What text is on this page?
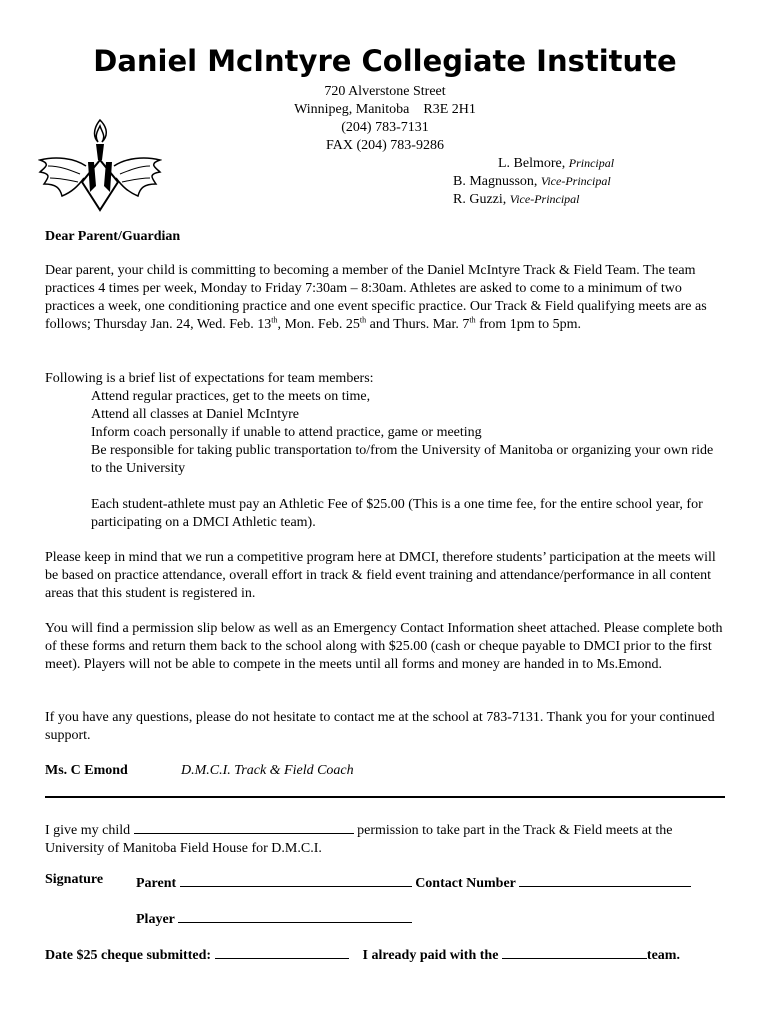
Daniel McIntyre Collegiate Institute
720 Alverstone Street
Winnipeg, Manitoba    R3E 2H1
(204) 783-7131
FAX (204) 783-9286
L. Belmore, Principal
B. Magnusson, Vice-Principal
R. Guzzi, Vice-Principal
Dear Parent/Guardian

Dear parent, your child is committing to becoming a member of the Daniel McIntyre Track & Field Team. The team practices 4 times per week, Monday to Friday 7:30am – 8:30am. Athletes are asked to come to a minimum of two practices a week, one conditioning practice and one event specific practice. Our Track & Field qualifying meets are as follows; Thursday Jan. 24, Wed. Feb. 13th, Mon. Feb. 25th and Thurs. Mar. 7th from 1pm to 5pm.

Following is a brief list of expectations for team members:
Attend regular practices, get to the meets on time,
Attend all classes at Daniel McIntyre
Inform coach personally if unable to attend practice, game or meeting
Be responsible for taking public transportation to/from the University of Manitoba or organizing your own ride to the University
Each student-athlete must pay an Athletic Fee of $25.00 (This is a one time fee, for the entire school year, for participating on a DMCI Athletic team).

Please keep in mind that we run a competitive program here at DMCI, therefore students’ participation at the meets will be based on practice attendance, overall effort in track & field event training and attendance/performance in all content areas that this student is registered in.

You will find a permission slip below as well as an Emergency Contact Information sheet attached. Please complete both of these forms and return them back to the school along with $25.00 (cash or cheque payable to DMCI prior to the first meet). Players will not be able to compete in the meets until all forms and money are handed in to Ms.Emond.

If you have any questions, please do not hesitate to contact me at the school at 783-7131. Thank you for your continued support.

Ms. C Emond	D.M.C.I. Track & Field Coach

I give my child	permission to take part in the Track & Field meets at the University of Manitoba Field House for D.M.C.I.

Signature Parent	Contact Number
Player
Date $25 cheque submitted:	I already paid with the	team.
